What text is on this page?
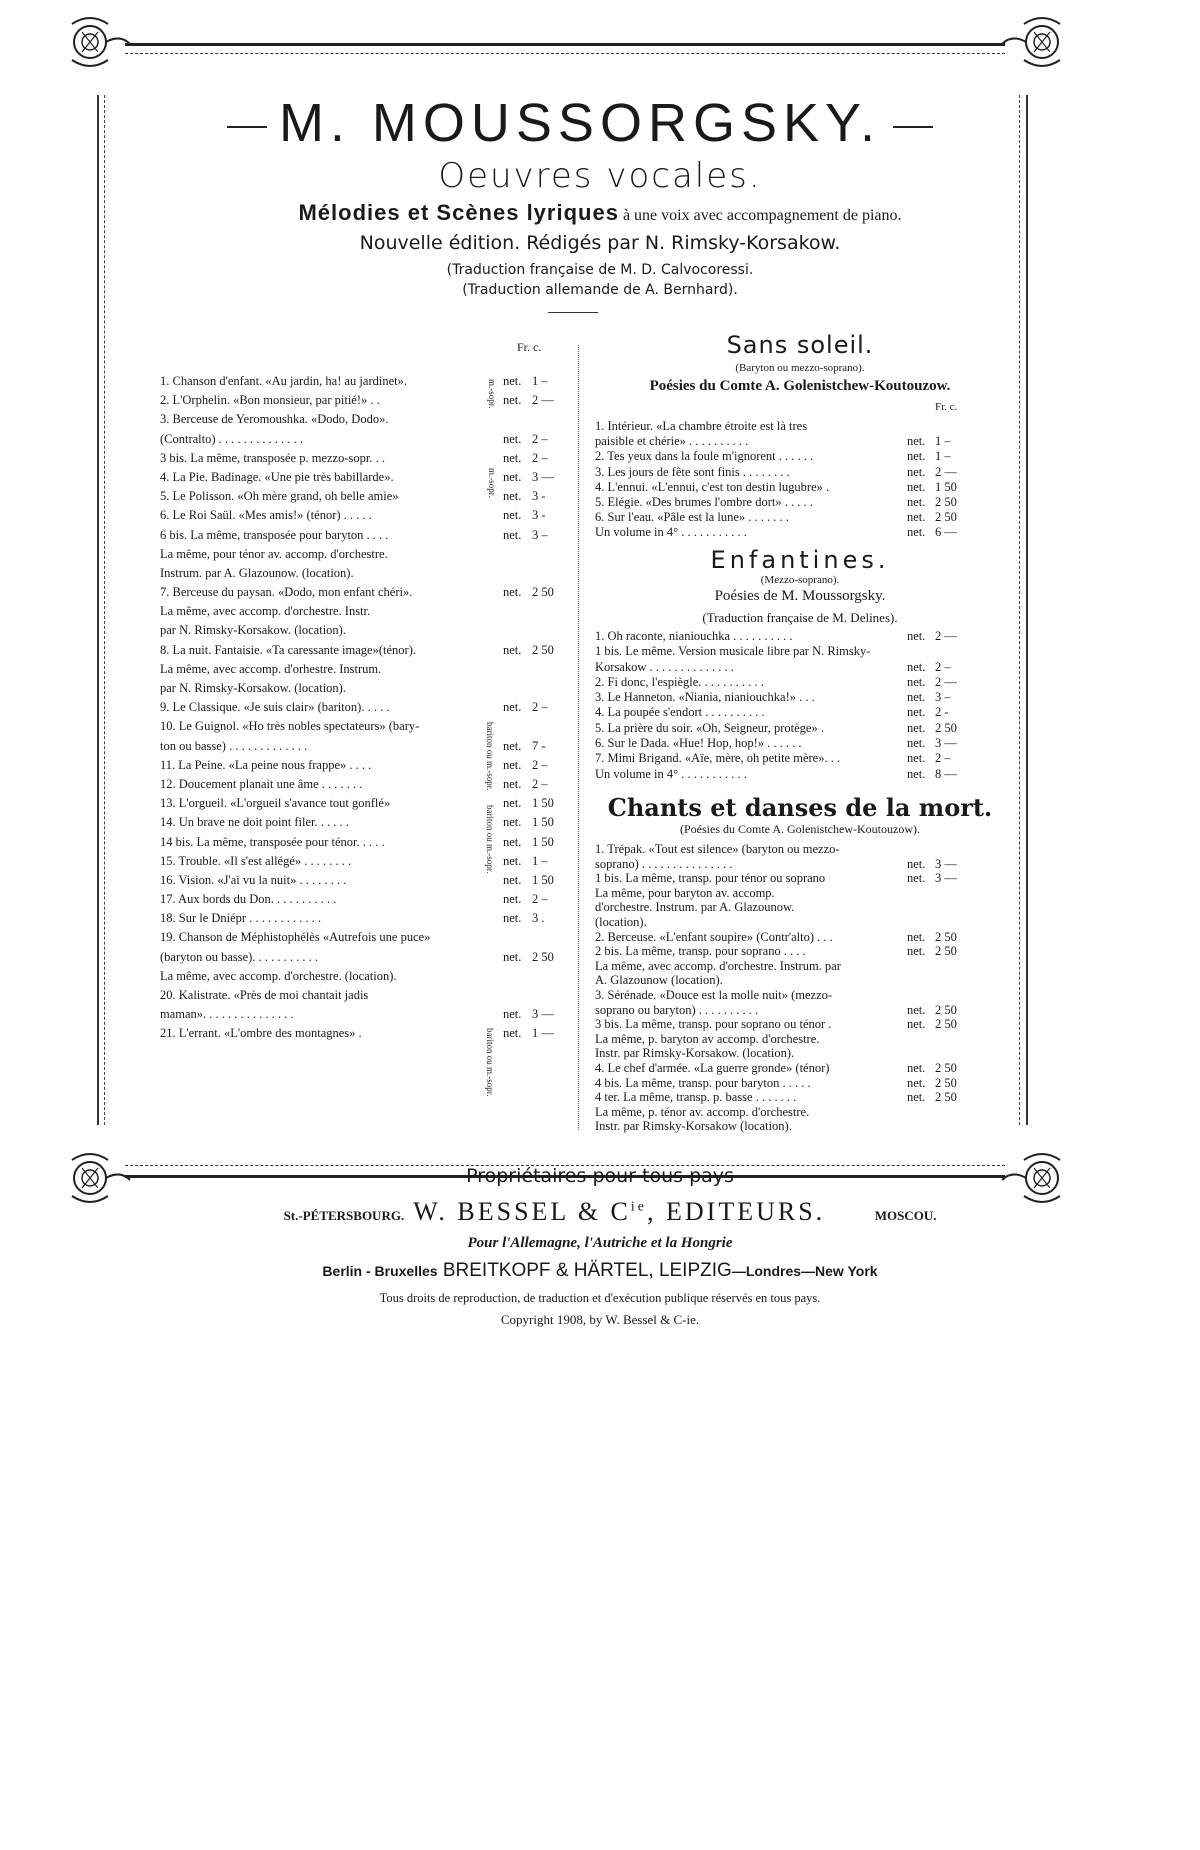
M. MOUSSORGSKY.
Oeuvres vocales.
Mélodies et Scènes lyriques à une voix avec accompagnement de piano.
Nouvelle édition. Rédigés par N. Rimsky-Korsakow.
(Traduction française de M. D. Calvocoressi.
(Traduction allemande de A. Bernhard).
Fr. c.
1. Chanson d'enfant. «Au jardin, ha! au jardinet».	net. 1 –
2. L'Orphelin. «Bon monsieur, par pitié!» . .	net. 2 —
3. Berceuse de Yeromoushka. «Dodo, Dodo».
(Contralto) . . . . . . . . . . . . . .	net. 2 –
3 bis. La même, transposée p. mezzo-sopr. . .	net. 2 –
4. La Pie. Badinage. «Une pie très babillarde».	net. 3 —
5. Le Polisson. «Oh mère grand, oh belle amie»	net. 3 -
6. Le Roi Saül. «Mes amis!» (ténor) . . . . .	net. 3 -
6 bis. La même, transposée pour baryton . . . .	net. 3 –
La même, pour ténor av. accomp. d'orchestre.
Instrum. par A. Glazounow. (location).
7. Berceuse du paysan. «Dodo, mon enfant chéri».	net. 2 50
La même, avec accomp. d'orchestre. Instr.
par N. Rimsky-Korsakow. (location).
8. La nuit. Fantaisie. «Ta caressante image»(ténor).	net. 2 50
La même, avec accomp. d'orhestre. Instrum.
par N. Rimsky-Korsakow. (location).
9. Le Classique. «Je suis clair» (bariton). . . . .	net. 2 –
10. Le Guignol. «Ho très nobles spectateurs» (bary-
ton ou basse) . . . . . . . . . . . . .	net. 7 -
11. La Peine. «La peine nous frappe» . . . .	net. 2 –
12. Doucement planait une âme . . . . . . .	net. 2 –
13. L'orgueil. «L'orgueil s'avance tout gonflé»	net. 1 50
14. Un brave ne doit point filer. . . . . .	net. 1 50
14 bis. La même, transposée pour ténor. . . . .	net. 1 50
15. Trouble. «Il s'est allégé» . . . . . . . .	net. 1 –
16. Vision. «J'ai vu la nuit» . . . . . . . .	net. 1 50
17. Aux bords du Don. . . . . . . . . . .	net. 2 –
18. Sur le Dniépr . . . . . . . . . . . .	net. 3 .
19. Chanson de Méphistophélès «Autrefois une puce»
(baryton ou basse). . . . . . . . . . .	net. 2 50
La même, avec accomp. d'orchestre. (location).
20. Kalistrate. «Près de moi chantait jadis
maman». . . . . . . . . . . . . . .	net. 3 —
21. L'errant. «L'ombre des montagnes» .	net. 1 —
m.-sopr.
m.-sopr.
bariton ou m.-sopr.
bariton ou m.-sopr.
bariton ou m.-sopr.
Sans soleil.
(Baryton ou mezzo-soprano).
Poésies du Comte A. Golenistchew-Koutouzow.
Fr. c.
1. Intérieur. «La chambre étroite est là tres
paisible et chérie» . . . . . . . . . .	net. 1 –
2. Tes yeux dans la foule m'ignorent . . . . . .	net. 1 –
3. Les jours de fête sont finis . . . . . . . .	net. 2 —
4. L'ennui. «L'ennui, c'est ton destin lugubre» .	net. 1 50
5. Elégie. «Des brumes l'ombre dort» . . . . .	net. 2 50
6. Sur l'eau. «Pâle est la lune» . . . . . . .	net. 2 50
Un volume in 4° . . . . . . . . . . .	net. 6 —
Enfantines.
(Mezzo-soprano).
Poésies de M. Moussorgsky.
(Traduction française de M. Delines).
1. Oh raconte, nianiouchka . . . . . . . . . .	net. 2 —
1 bis. Le même. Version musicale libre par N. Rimsky-
Korsakow . . . . . . . . . . . . . .	net. 2 –
2. Fi donc, l'espiègle. . . . . . . . . . .	net. 2 —
3. Le Hanneton. «Niania, nianiouchka!» . . .	net. 3 –
4. La poupée s'endort . . . . . . . . . .	net. 2 -
5. La prière du soir. «Oh, Seigneur, protège» .	net. 2 50
6. Sur le Dada. «Hue! Hop, hop!» . . . . . .	net. 3 —
7. Mimi Brigand. «Aïe, mère, oh petite mère». . .	net. 2 –
Un volume in 4° . . . . . . . . . . .	net. 8 —
Chants et danses de la mort.
(Poésies du Comte A. Golenistchew-Koutouzow).
1. Trépak. «Tout est silence» (baryton ou mezzo-
soprano) . . . . . . . . . . . . . . .	net. 3 —
1 bis. La même, transp. pour ténor ou soprano	net. 3 —
La même, pour baryton av. accomp.
d'orchestre. Instrum. par A. Glazounow.
(location).
2. Berceuse. «L'enfant soupire» (Contr'alto) . . .	net. 2 50
2 bis. La même, transp. pour soprano . . . .	net. 2 50
La même, avec accomp. d'orchestre. Instrum. par
A. Glazounow (location).
3. Sérénade. «Douce est la molle nuit» (mezzo-
soprano ou baryton) . . . . . . . . . .	net. 2 50
3 bis. La même, transp. pour soprano ou ténor .	net. 2 50
La même, p. baryton av accomp. d'orchestre.
Instr. par Rimsky-Korsakow. (location).
4. Le chef d'armée. «La guerre gronde» (ténor)	net. 2 50
4 bis. La même, transp. pour baryton . . . . .	net. 2 50
4 ter. La même, transp. p. basse . . . . . . .	net. 2 50
La même, p. ténor av. accomp. d'orchestre.
Instr. par Rimsky-Korsakow (location).
Propriétaires pour tous pays
St.-PÉTERSBOURG. W. BESSEL & $C^{ie}$, EDITEURS.	MOSCOU.
Pour l'Allemagne, l'Autriche et la Hongrie
Berlin - Bruxelles BREITKOPF & HÄRTEL, LEIPZIG—Londres—New York
Tous droits de reproduction, de traduction et d'exécution publique réservés en tous pays.
Copyright 1908, by W. Bessel & C-ie.
